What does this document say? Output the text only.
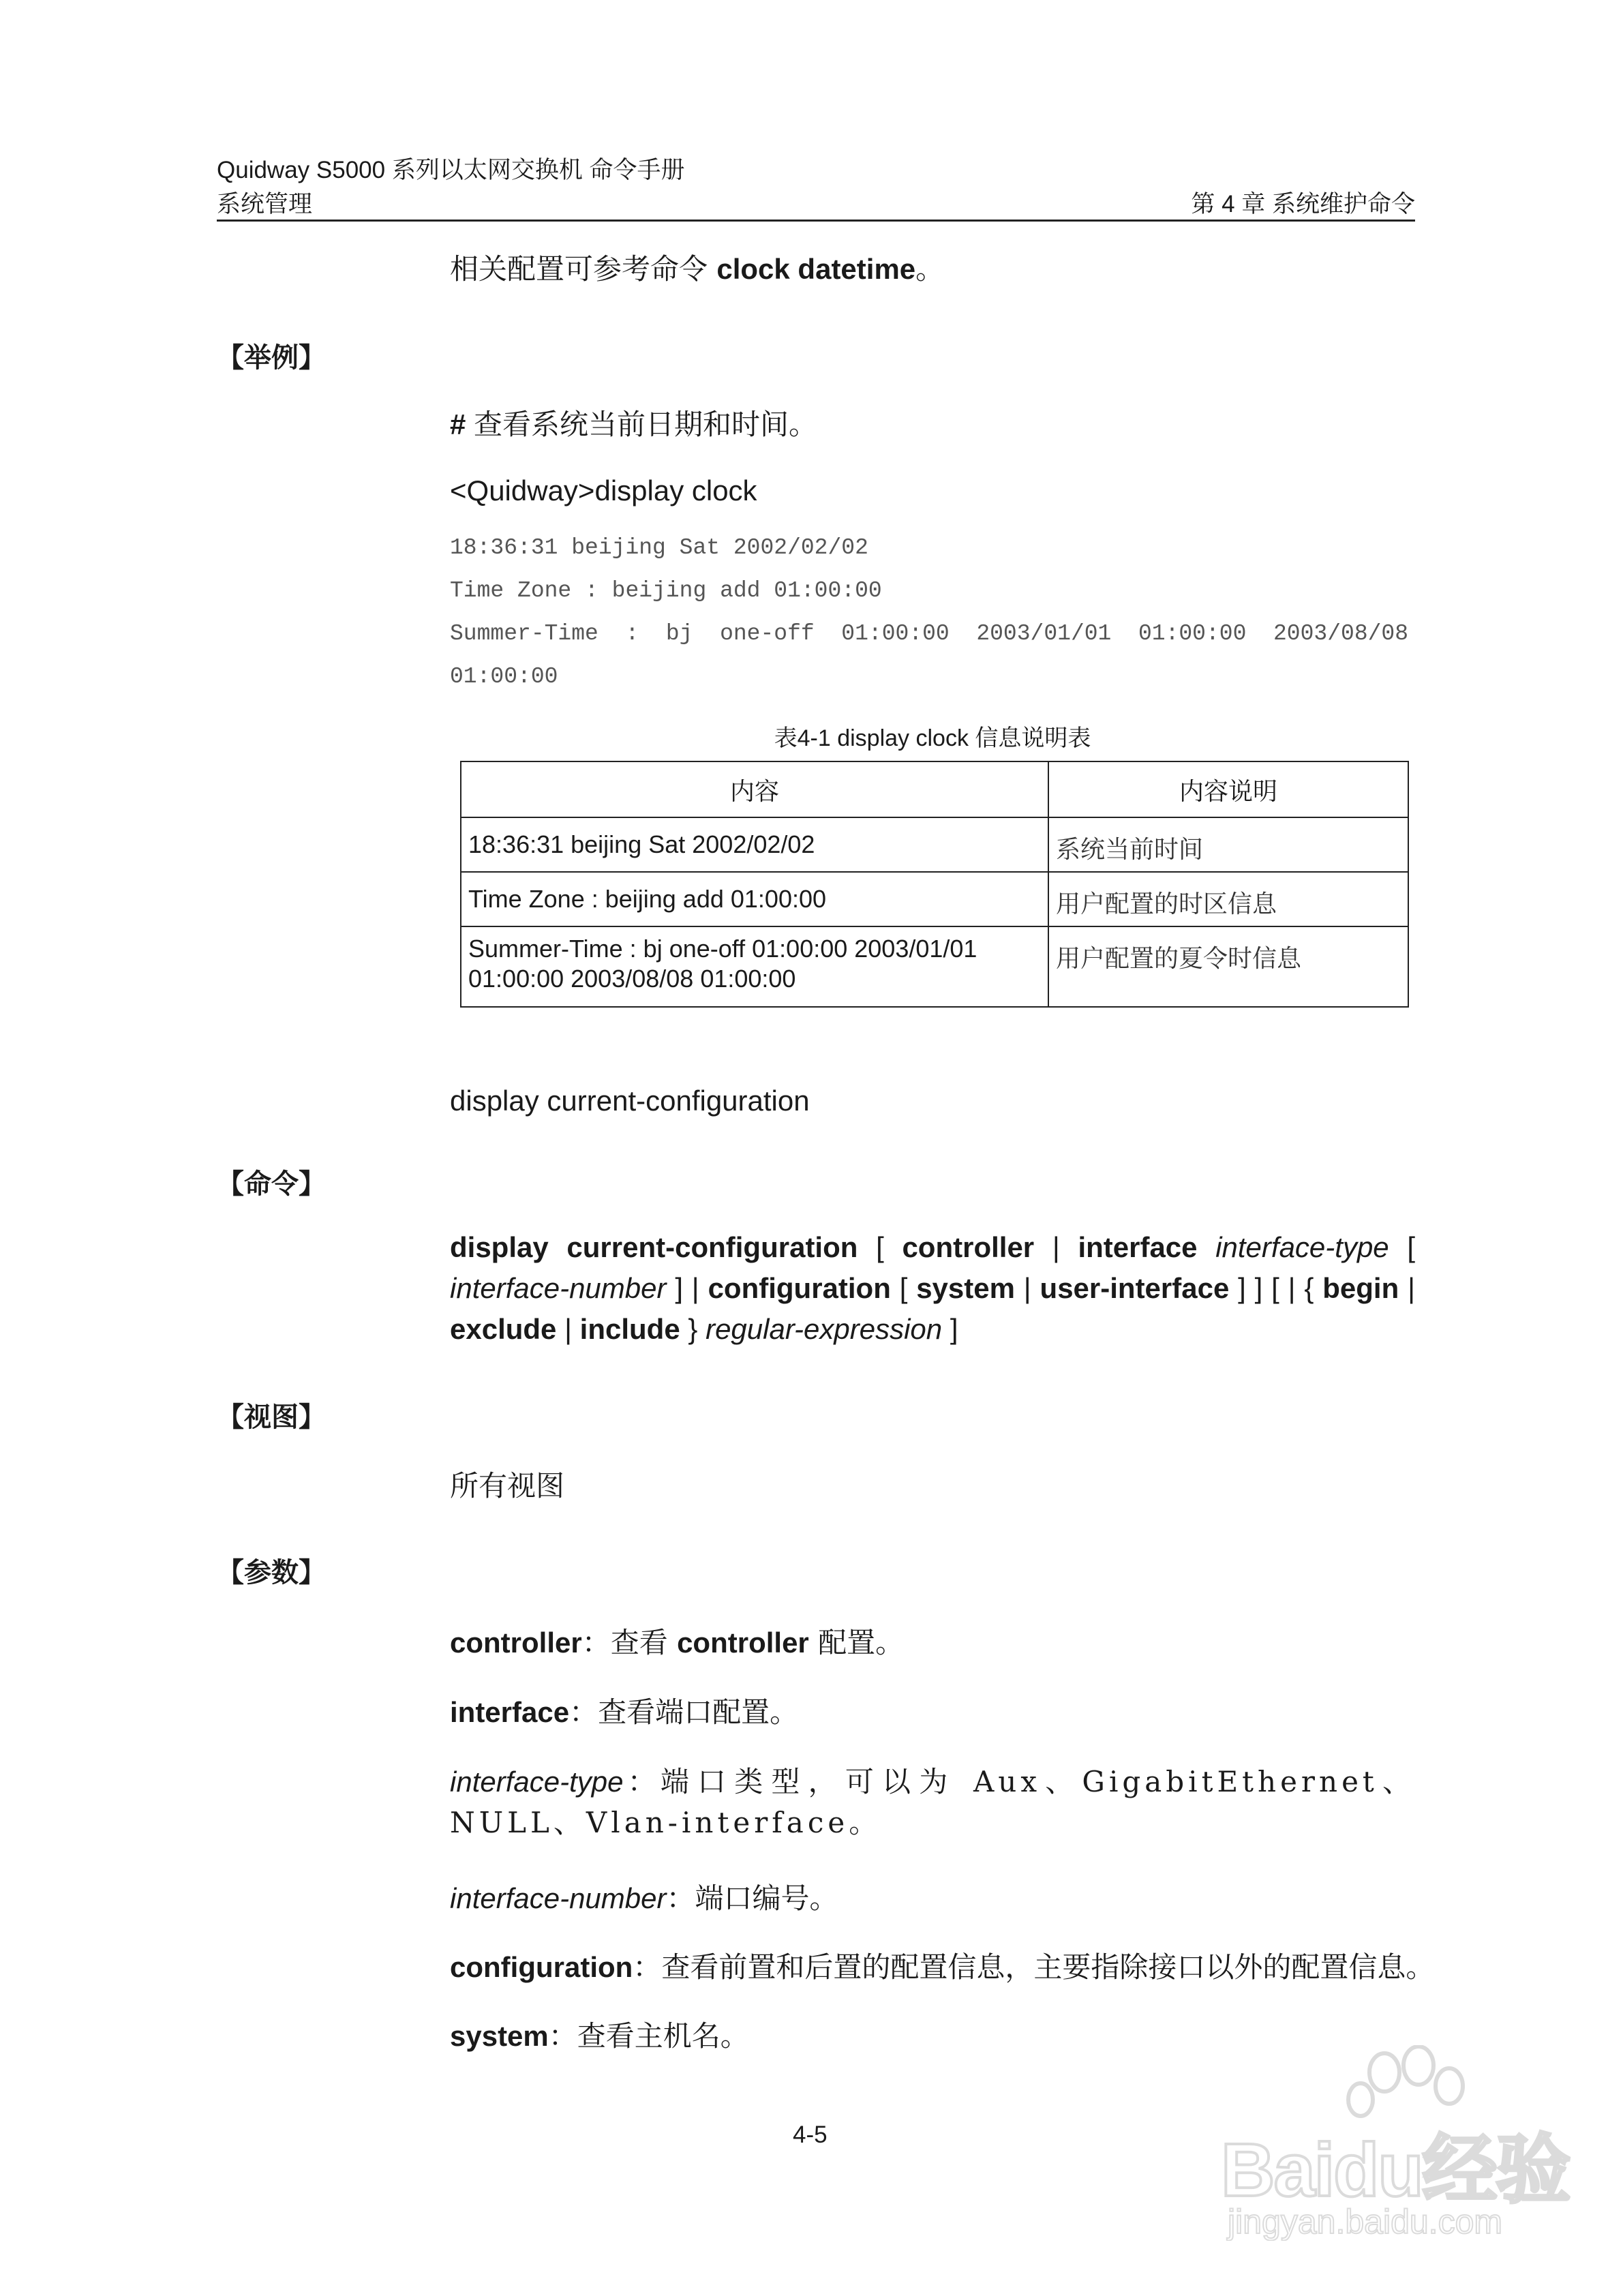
Quidway S5000 系列以太网交换机 命令手册
系统管理	第 4 章 系统维护命令
相关配置可参考命令 clock datetime。
【举例】
# 查看系统当前日期和时间。
<Quidway>display clock
18:36:31 beijing Sat 2002/02/02
Time Zone : beijing add 01:00:00
Summer-Time  :  bj  one-off  01:00:00  2003/01/01  01:00:00  2003/08/08
01:00:00
表4-1 display clock 信息说明表
内容	内容说明
18:36:31 beijing Sat 2002/02/02	系统当前时间
Time Zone : beijing add 01:00:00	用户配置的时区信息
Summer-Time : bj one-off 01:00:00 2003/01/01 01:00:00 2003/08/08 01:00:00	用户配置的夏令时信息
display current-configuration
【命令】
display current-configuration [ controller | interface interface-type [ interface-number ] | configuration [ system | user-interface ] ] [ | { begin | exclude | include } regular-expression ]
【视图】
所有视图
【参数】
controller：查看 controller 配置。
interface：查看端口配置。
interface-type：端口类型，可以为 Aux、GigabitEthernet、NULL、Vlan-interface。
interface-number：端口编号。
configuration：查看前置和后置的配置信息，主要指除接口以外的配置信息。
system：查看主机名。
4-5	Baidu经验
jingyan.baidu.com
